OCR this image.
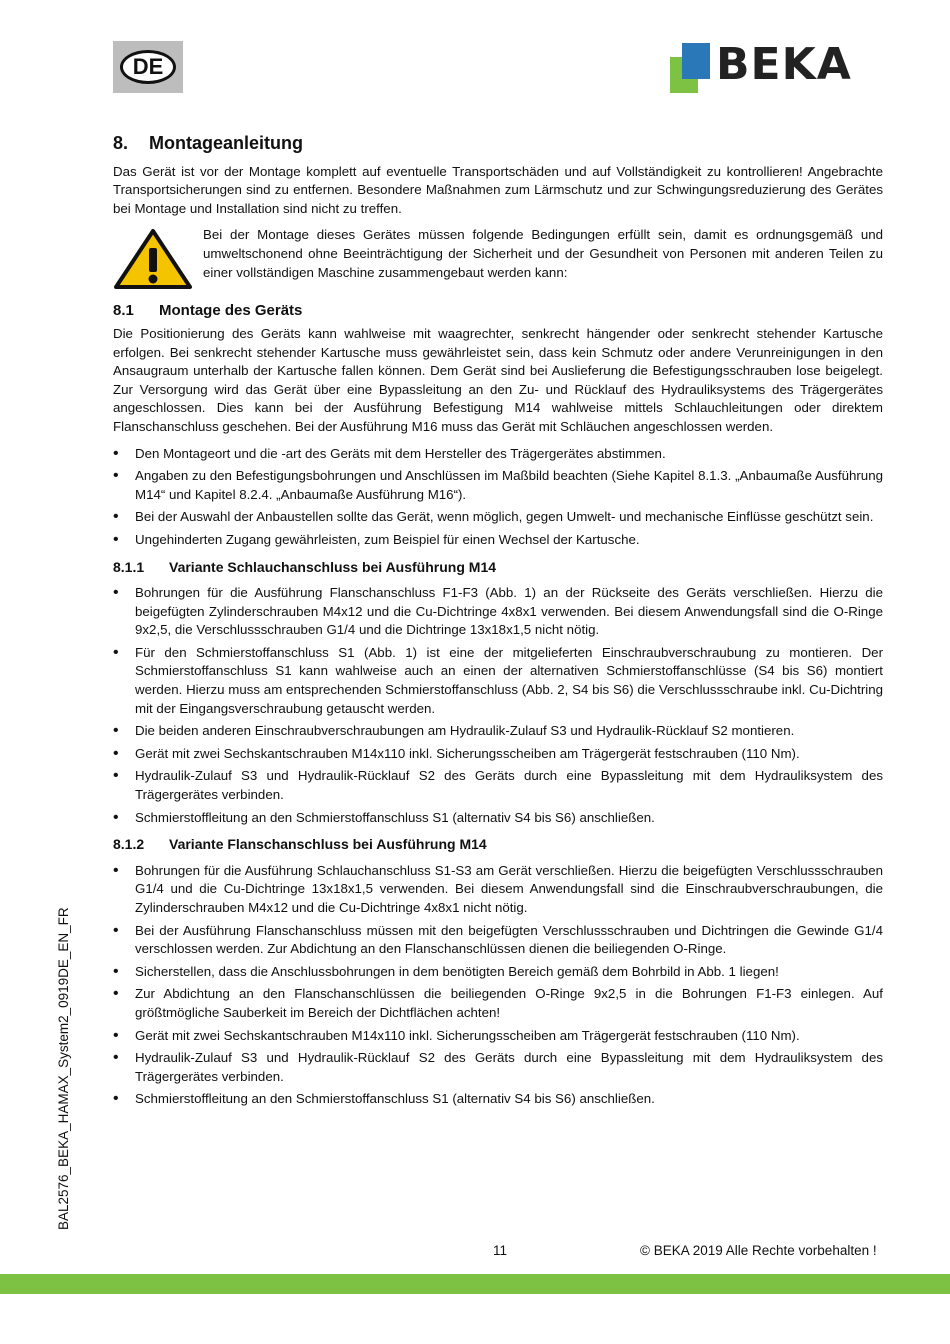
DE	BEKA
8. Montageanleitung

Das Gerät ist vor der Montage komplett auf eventuelle Transportschäden und auf Vollständigkeit zu kontrollieren! Angebrachte Transportsicherungen sind zu entfernen. Besondere Maßnahmen zum Lärmschutz und zur Schwingungsreduzierung des Gerätes bei Montage und Installation sind nicht zu treffen.

Bei der Montage dieses Gerätes müssen folgende Bedingungen erfüllt sein, damit es ordnungsgemäß und umweltschonend ohne Beeinträchtigung der Sicherheit und der Gesundheit von Personen mit anderen Teilen zu einer vollständigen Maschine zusammengebaut werden kann:

8.1 Montage des Geräts

Die Positionierung des Geräts kann wahlweise mit waagrechter, senkrecht hängender oder senkrecht stehender Kartusche erfolgen. Bei senkrecht stehender Kartusche muss gewährleistet sein, dass kein Schmutz oder andere Verunreinigungen in den Ansaugraum unterhalb der Kartusche fallen können. Dem Gerät sind bei Auslieferung die Befestigungsschrauben lose beigelegt. Zur Versorgung wird das Gerät über eine Bypassleitung an den Zu- und Rücklauf des Hydrauliksystems des Trägergerätes angeschlossen. Dies kann bei der Ausführung Befestigung M14 wahlweise mittels Schlauchleitungen oder direktem Flanschanschluss geschehen. Bei der Ausführung M16 muss das Gerät mit Schläuchen angeschlossen werden.

• Den Montageort und die -art des Geräts mit dem Hersteller des Trägergerätes abstimmen.
• Angaben zu den Befestigungsbohrungen und Anschlüssen im Maßbild beachten (Siehe Kapitel 8.1.3. „Anbaumaße Ausführung M14“ und Kapitel 8.2.4. „Anbaumaße Ausführung M16“).
• Bei der Auswahl der Anbaustellen sollte das Gerät, wenn möglich, gegen Umwelt- und mechanische Einflüsse geschützt sein.
• Ungehinderten Zugang gewährleisten, zum Beispiel für einen Wechsel der Kartusche.
8.1.1 Variante Schlauchanschluss bei Ausführung M14
• Bohrungen für die Ausführung Flanschanschluss F1-F3 (Abb. 1) an der Rückseite des Geräts verschließen. Hierzu die beigefügten Zylinderschrauben M4x12 und die Cu-Dichtringe 4x8x1 verwenden. Bei diesem Anwendungsfall sind die O-Ringe 9x2,5, die Verschlussschrauben G1/4 und die Dichtringe 13x18x1,5 nicht nötig.
• Für den Schmierstoffanschluss S1 (Abb. 1) ist eine der mitgelieferten Einschraubverschraubung zu montieren. Der Schmierstoffanschluss S1 kann wahlweise auch an einen der alternativen Schmierstoffanschlüsse (S4 bis S6) montiert werden. Hierzu muss am entsprechenden Schmierstoffanschluss (Abb. 2, S4 bis S6) die Verschlussschraube inkl. Cu-Dichtring mit der Eingangsverschraubung getauscht werden.
• Die beiden anderen Einschraubverschraubungen am Hydraulik-Zulauf S3 und Hydraulik-Rücklauf S2 montieren.
• Gerät mit zwei Sechskantschrauben M14x110 inkl. Sicherungsscheiben am Trägergerät festschrauben (110 Nm).
• Hydraulik-Zulauf S3 und Hydraulik-Rücklauf S2 des Geräts durch eine Bypassleitung mit dem Hydrauliksystem des Trägergerätes verbinden.
• Schmierstoffleitung an den Schmierstoffanschluss S1 (alternativ S4 bis S6) anschließen.
8.1.2 Variante Flanschanschluss bei Ausführung M14
• Bohrungen für die Ausführung Schlauchanschluss S1-S3 am Gerät verschließen. Hierzu die beigefügten Verschlussschrauben G1/4 und die Cu-Dichtringe 13x18x1,5 verwenden. Bei diesem Anwendungsfall sind die Einschraubverschraubungen, die Zylinderschrauben M4x12 und die Cu-Dichtringe 4x8x1 nicht nötig.
• Bei der Ausführung Flanschanschluss müssen mit den beigefügten Verschlussschrauben und Dichtringen die Gewinde G1/4 verschlossen werden. Zur Abdichtung an den Flanschanschlüssen dienen die beiliegenden O-Ringe.
• Sicherstellen, dass die Anschlussbohrungen in dem benötigten Bereich gemäß dem Bohrbild in Abb. 1 liegen!
• Zur Abdichtung an den Flanschanschlüssen die beiliegenden O-Ringe 9x2,5 in die Bohrungen F1-F3 einlegen. Auf größtmögliche Sauberkeit im Bereich der Dichtflächen achten!
• Gerät mit zwei Sechskantschrauben M14x110 inkl. Sicherungsscheiben am Trägergerät festschrauben (110 Nm).
• Hydraulik-Zulauf S3 und Hydraulik-Rücklauf S2 des Geräts durch eine Bypassleitung mit dem Hydrauliksystem des Trägergerätes verbinden.
• Schmierstoffleitung an den Schmierstoffanschluss S1 (alternativ S4 bis S6) anschließen.
BAL2576_BEKA_HAMAX_System2_0919DE_EN_FR
11	© BEKA 2019 Alle Rechte vorbehalten !
